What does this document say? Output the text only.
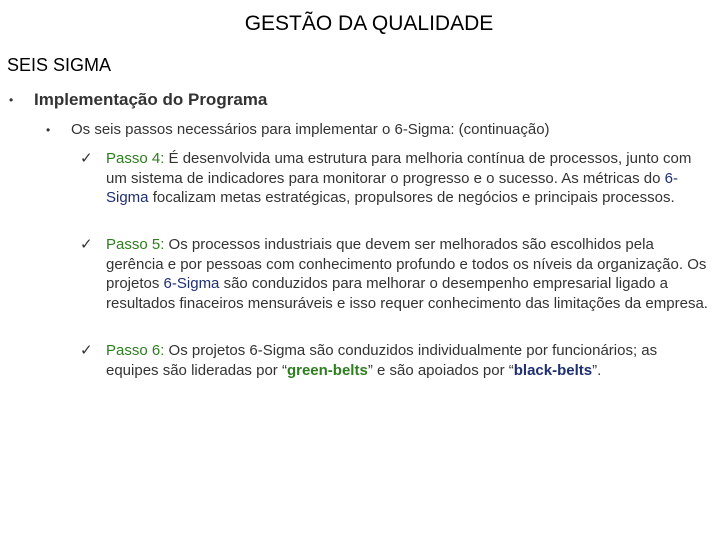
GESTÃO DA QUALIDADE
SEIS SIGMA
• Implementação do Programa
• Os seis passos necessários para implementar o 6-Sigma: (continuação)
✓ Passo 4: É desenvolvida uma estrutura para melhoria contínua de processos, junto com um sistema de indicadores para monitorar o progresso e o sucesso. As métricas do 6-Sigma focalizam metas estratégicas, propulsores de negócios e principais processos.
✓ Passo 5: Os processos industriais que devem ser melhorados são escolhidos pela gerência e por pessoas com conhecimento profundo e todos os níveis da organização. Os projetos 6-Sigma são conduzidos para melhorar o desempenho empresarial ligado a resultados finaceiros mensuráveis e isso requer conhecimento das limitações da empresa.
✓ Passo 6: Os projetos 6-Sigma são conduzidos individualmente por funcionários; as equipes são lideradas por “green-belts” e são apoiados por “black-belts”.
